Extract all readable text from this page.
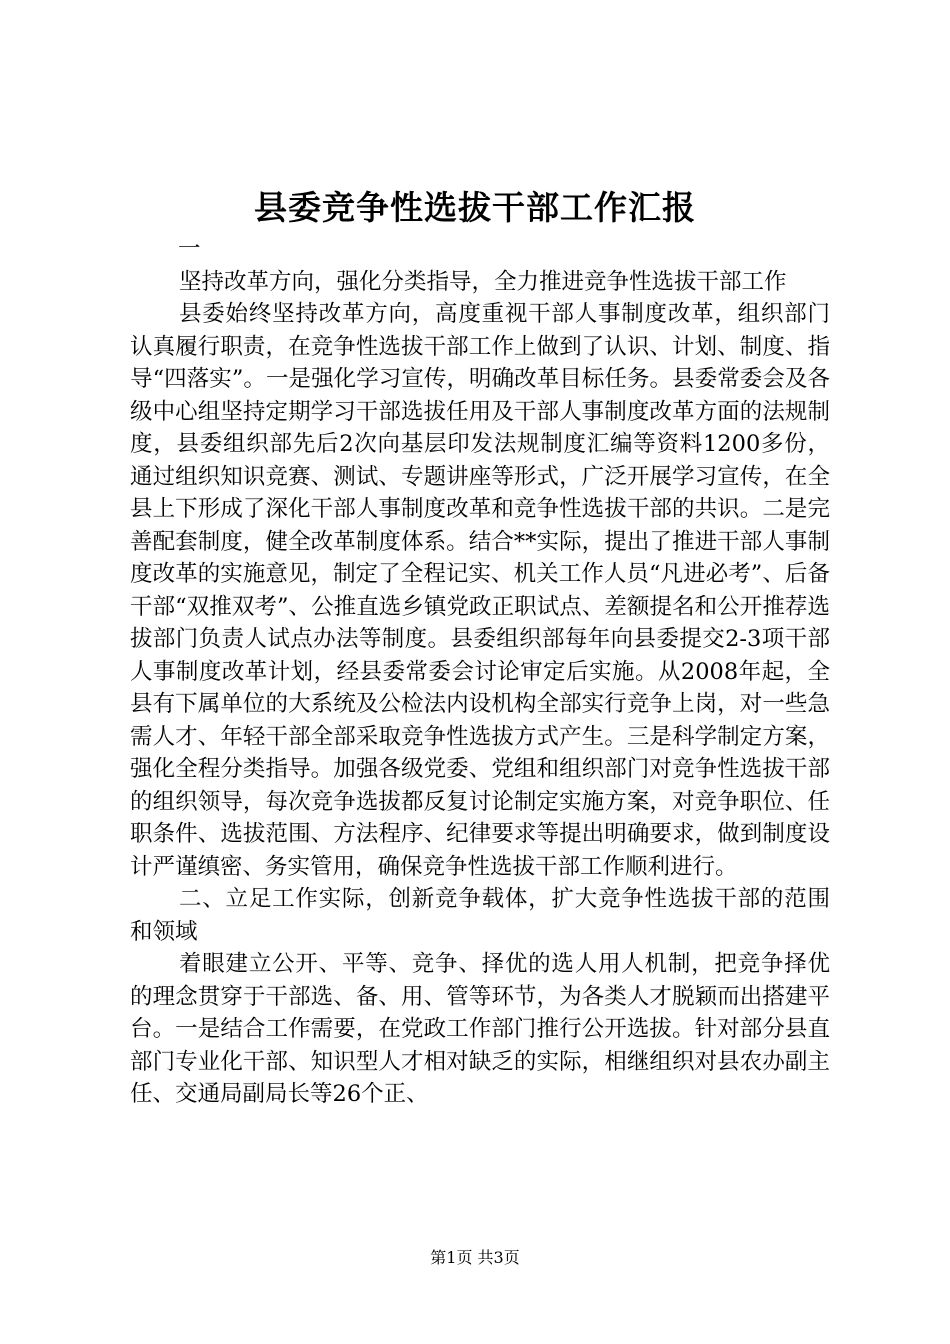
县委竞争性选拔干部工作汇报

一

坚持改革方向，强化分类指导，全力推进竞争性选拔干部工作

县委始终坚持改革方向，高度重视干部人事制度改革，组织部门认真履行职责，在竞争性选拔干部工作上做到了认识、计划、制度、指导“四落实”。一是强化学习宣传，明确改革目标任务。县委常委会及各级中心组坚持定期学习干部选拔任用及干部人事制度改革方面的法规制度，县委组织部先后2次向基层印发法规制度汇编等资料1200多份，通过组织知识竞赛、测试、专题讲座等形式，广泛开展学习宣传，在全县上下形成了深化干部人事制度改革和竞争性选拔干部的共识。二是完善配套制度，健全改革制度体系。结合**实际，提出了推进干部人事制度改革的实施意见，制定了全程记实、机关工作人员“凡进必考”、后备干部“双推双考”、公推直选乡镇党政正职试点、差额提名和公开推荐选拔部门负责人试点办法等制度。县委组织部每年向县委提交2-3项干部人事制度改革计划，经县委常委会讨论审定后实施。从2008年起，全县有下属单位的大系统及公检法内设机构全部实行竞争上岗，对一些急需人才、年轻干部全部采取竞争性选拔方式产生。三是科学制定方案，强化全程分类指导。加强各级党委、党组和组织部门对竞争性选拔干部的组织领导，每次竞争选拔都反复讨论制定实施方案，对竞争职位、任职条件、选拔范围、方法程序、纪律要求等提出明确要求，做到制度设计严谨缜密、务实管用，确保竞争性选拔干部工作顺利进行。

二、立足工作实际，创新竞争载体，扩大竞争性选拔干部的范围和领域

着眼建立公开、平等、竞争、择优的选人用人机制，把竞争择优的理念贯穿于干部选、备、用、管等环节，为各类人才脱颖而出搭建平台。一是结合工作需要，在党政工作部门推行公开选拔。针对部分县直部门专业化干部、知识型人才相对缺乏的实际，相继组织对县农办副主任、交通局副局长等26个正、

第1页 共3页
